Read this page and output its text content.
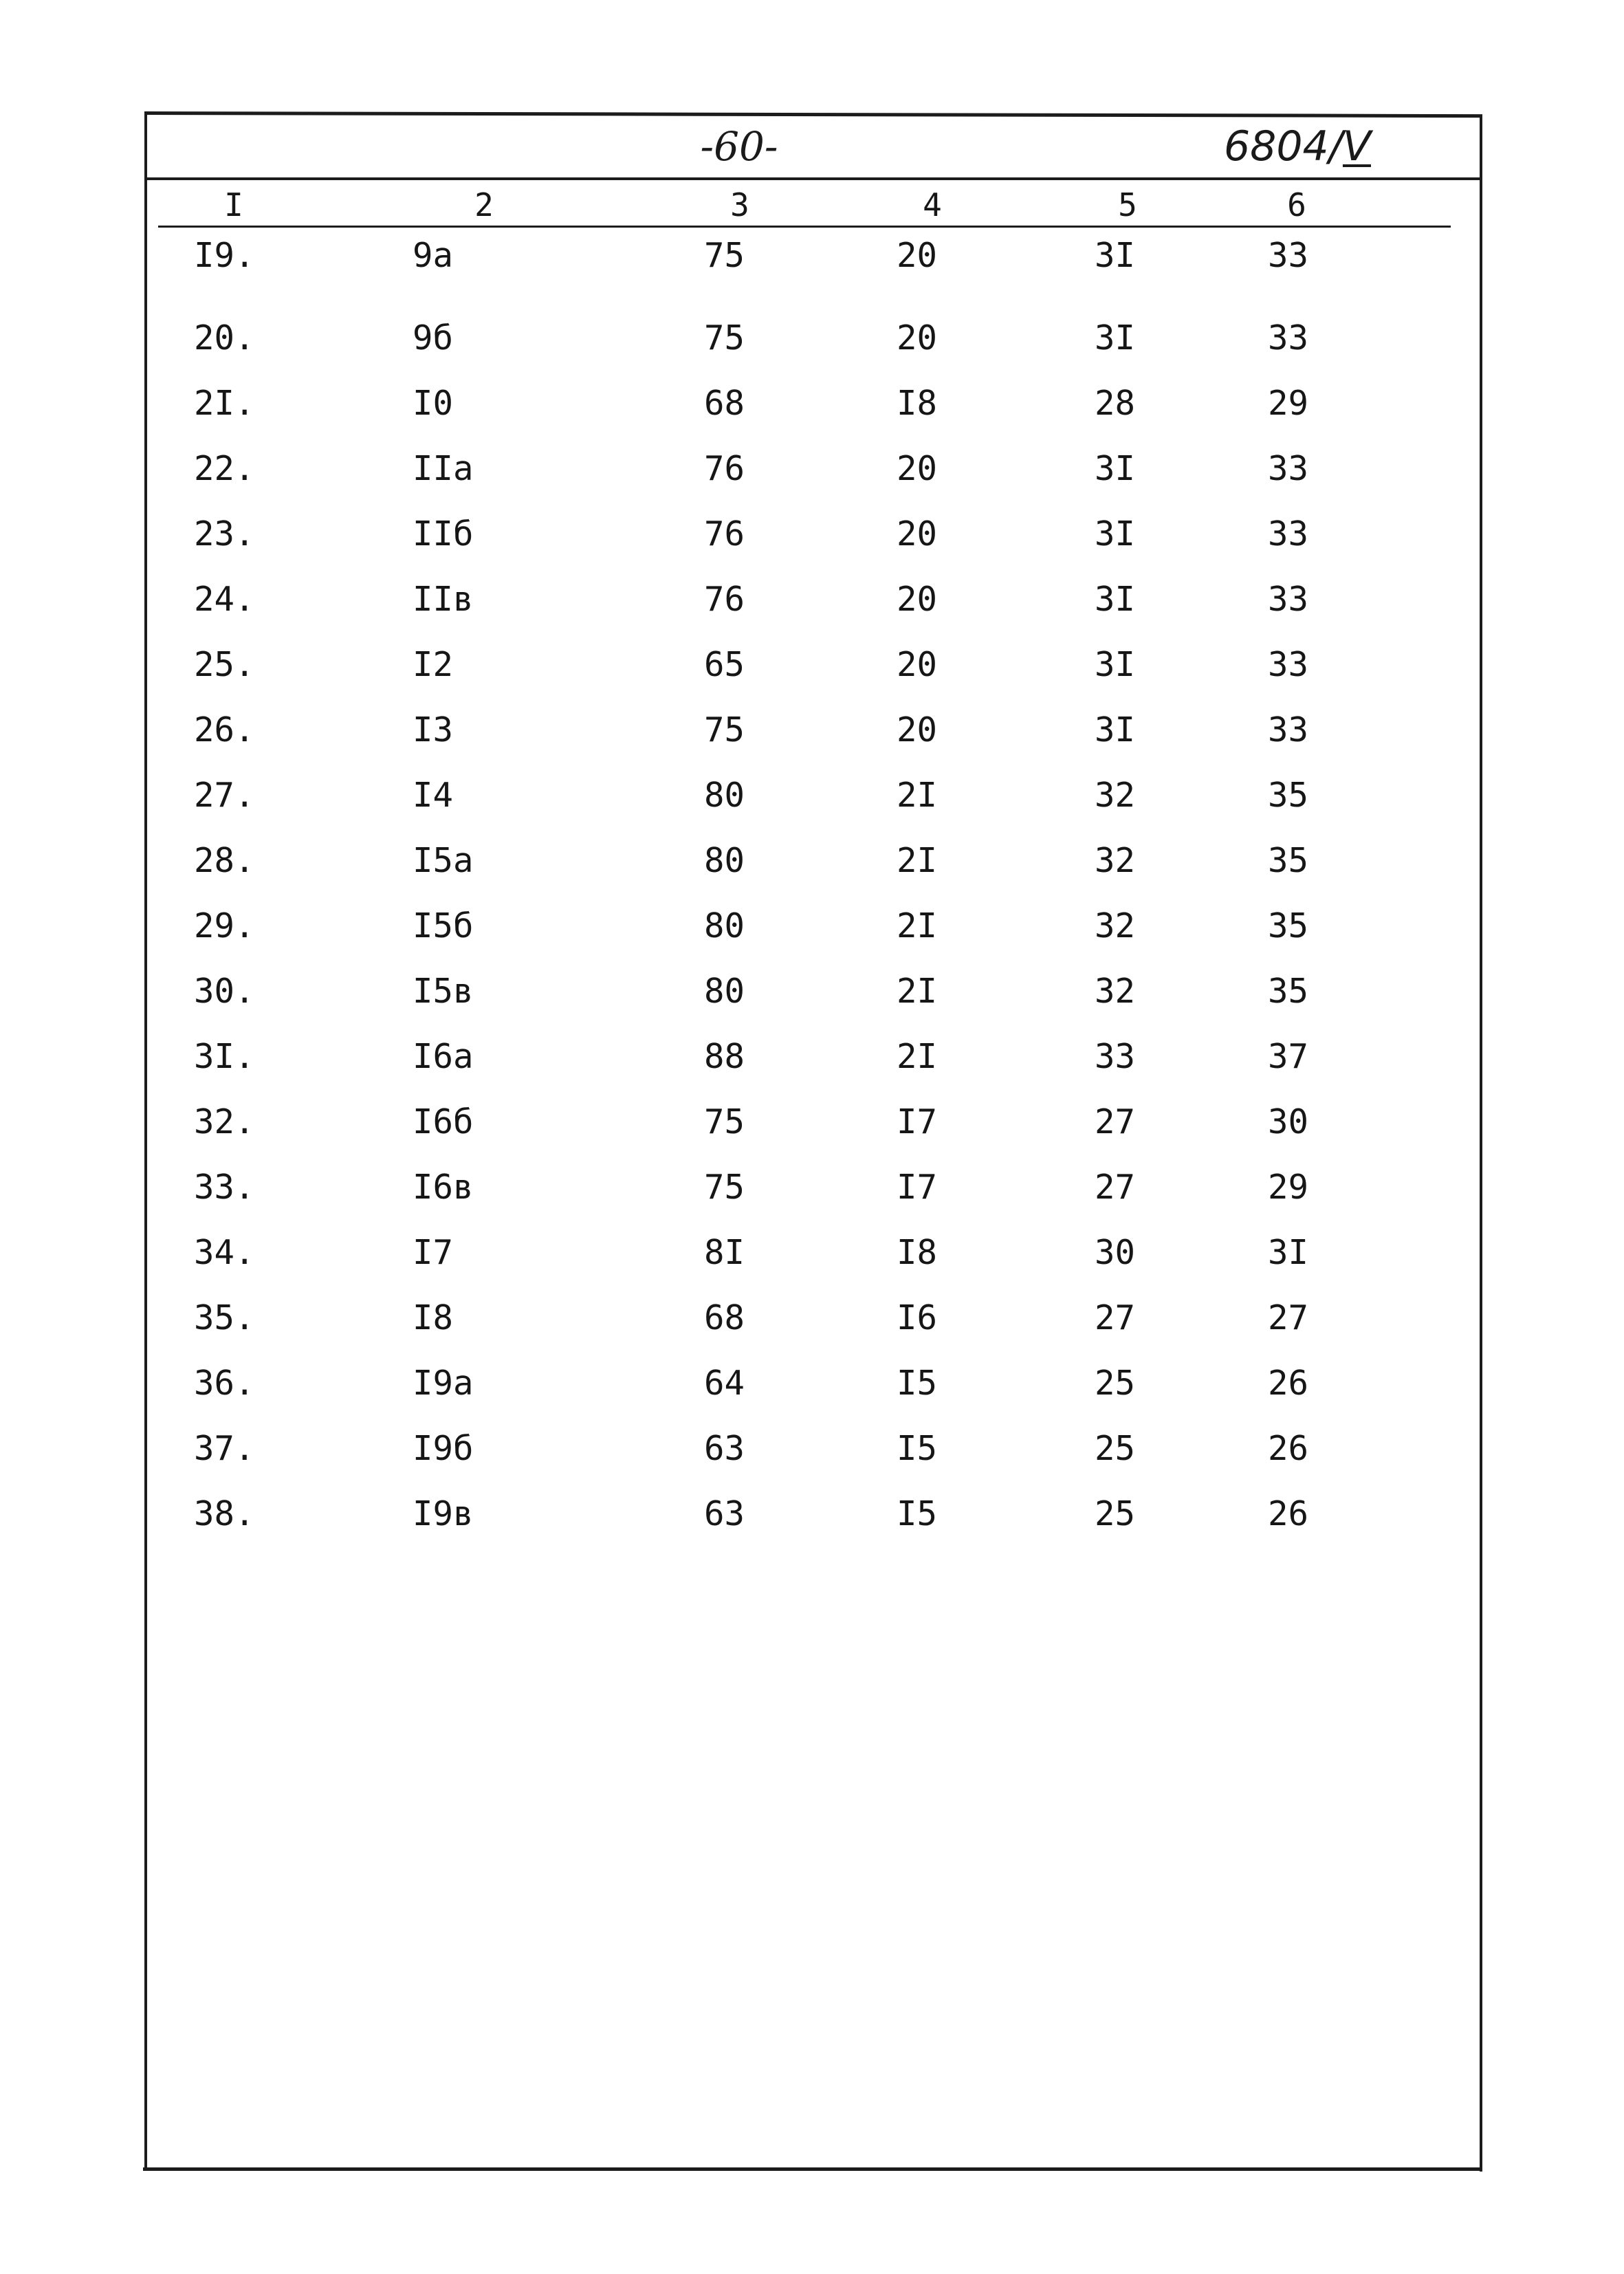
-60-	6804/V
I	2	3	4	5	6
I9.	9а	75	20	3I	33
20.	9б	75	20	3I	33
2I.	I0	68	I8	28	29
22.	IIа	76	20	3I	33
23.	IIб	76	20	3I	33
24.	IIв	76	20	3I	33
25.	I2	65	20	3I	33
26.	I3	75	20	3I	33
27.	I4	80	2I	32	35
28.	I5а	80	2I	32	35
29.	I5б	80	2I	32	35
30.	I5в	80	2I	32	35
3I.	I6а	88	2I	33	37
32.	I6б	75	I7	27	30
33.	I6в	75	I7	27	29
34.	I7	8I	I8	30	3I
35.	I8	68	I6	27	27
36.	I9а	64	I5	25	26
37.	I9б	63	I5	25	26
38.	I9в	63	I5	25	26
